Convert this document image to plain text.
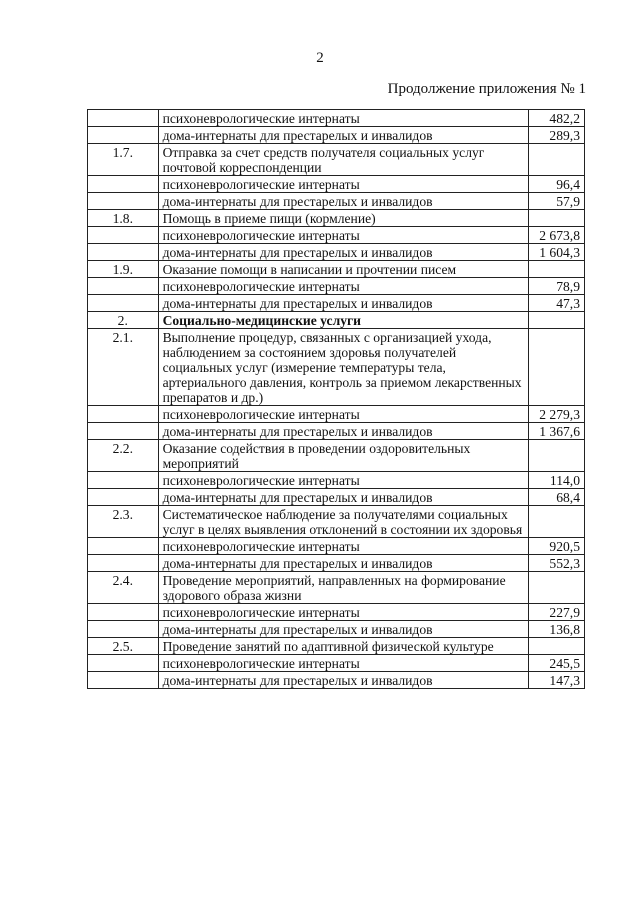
2
Продолжение приложения № 1
	психоневрологические интернаты	482,2
	дома-интернаты для престарелых и инвалидов	289,3
1.7.	Отправка за счет средств получателя социальных услуг почтовой корреспонденции	
	психоневрологические интернаты	96,4
	дома-интернаты для престарелых и инвалидов	57,9
1.8.	Помощь в приеме пищи (кормление)	
	психоневрологические интернаты	2 673,8
	дома-интернаты для престарелых и инвалидов	1 604,3
1.9.	Оказание помощи в написании и прочтении писем	
	психоневрологические интернаты	78,9
	дома-интернаты для престарелых и инвалидов	47,3
2.	Социально-медицинские услуги	
2.1.	Выполнение процедур, связанных с организацией ухода, наблюдением за состоянием здоровья получателей социальных услуг (измерение температуры тела, артериального давления, контроль за приемом лекарственных препаратов и др.)	
	психоневрологические интернаты	2 279,3
	дома-интернаты для престарелых и инвалидов	1 367,6
2.2.	Оказание содействия в проведении оздоровительных мероприятий	
	психоневрологические интернаты	114,0
	дома-интернаты для престарелых и инвалидов	68,4
2.3.	Систематическое наблюдение за получателями социальных услуг в целях выявления отклонений в состоянии их здоровья	
	психоневрологические интернаты	920,5
	дома-интернаты для престарелых и инвалидов	552,3
2.4.	Проведение мероприятий, направленных на формирование здорового образа жизни	
	психоневрологические интернаты	227,9
	дома-интернаты для престарелых и инвалидов	136,8
2.5.	Проведение занятий по адаптивной физической культуре	
	психоневрологические интернаты	245,5
	дома-интернаты для престарелых и инвалидов	147,3
